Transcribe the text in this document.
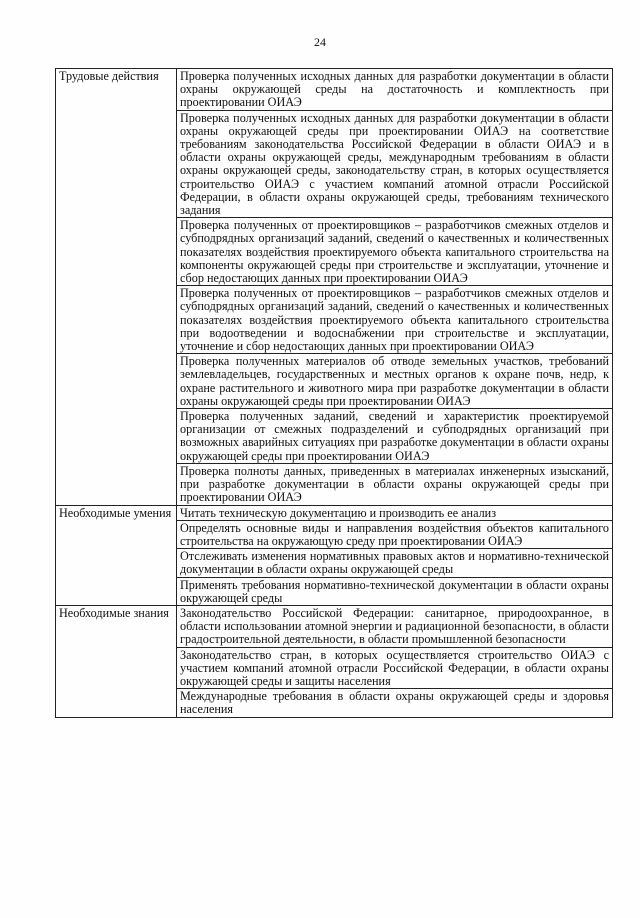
24
Трудовые действия	Проверка полученных исходных данных для разработки документации в области охраны окружающей среды на достаточность и комплектность при проектировании ОИАЭ
	Проверка полученных исходных данных для разработки документации в области охраны окружающей среды при проектировании ОИАЭ на соответствие требованиям законодательства Российской Федерации в области ОИАЭ и в области охраны окружающей среды, международным требованиям в области охраны окружающей среды, законодательству стран, в которых осуществляется строительство ОИАЭ с участием компаний атомной отрасли Российской Федерации, в области охраны окружающей среды, требованиям технического задания
	Проверка полученных от проектировщиков – разработчиков смежных отделов и субподрядных организаций заданий, сведений о качественных и количественных показателях воздействия проектируемого объекта капитального строительства на компоненты окружающей среды при строительстве и эксплуатации, уточнение и сбор недостающих данных при проектировании ОИАЭ
	Проверка полученных от проектировщиков – разработчиков смежных отделов и субподрядных организаций заданий, сведений о качественных и количественных показателях воздействия проектируемого объекта капитального строительства при водоотведении и водоснабжении при строительстве и эксплуатации, уточнение и сбор недостающих данных при проектировании ОИАЭ
	Проверка полученных материалов об отводе земельных участков, требований землевладельцев, государственных и местных органов к охране почв, недр, к охране растительного и животного мира при разработке документации в области охраны окружающей среды при проектировании ОИАЭ
	Проверка полученных заданий, сведений и характеристик проектируемой организации от смежных подразделений и субподрядных организаций при возможных аварийных ситуациях при разработке документации в области охраны окружающей среды при проектировании ОИАЭ
	Проверка полноты данных, приведенных в материалах инженерных изысканий, при разработке документации в области охраны окружающей среды при проектировании ОИАЭ
Необходимые умения	Читать техническую документацию и производить ее анализ
	Определять основные виды и направления воздействия объектов капитального строительства на окружающую среду при проектировании ОИАЭ
	Отслеживать изменения нормативных правовых актов и нормативно-технической документации в области охраны окружающей среды
	Применять требования нормативно-технической документации в области охраны окружающей среды
Необходимые знания	Законодательство Российской Федерации: санитарное, природоохранное, в области использовании атомной энергии и радиационной безопасности, в области градостроительной деятельности, в области промышленной безопасности
	Законодательство стран, в которых осуществляется строительство ОИАЭ с участием компаний атомной отрасли Российской Федерации, в области охраны окружающей среды и защиты населения
	Международные требования в области охраны окружающей среды и здоровья населения
